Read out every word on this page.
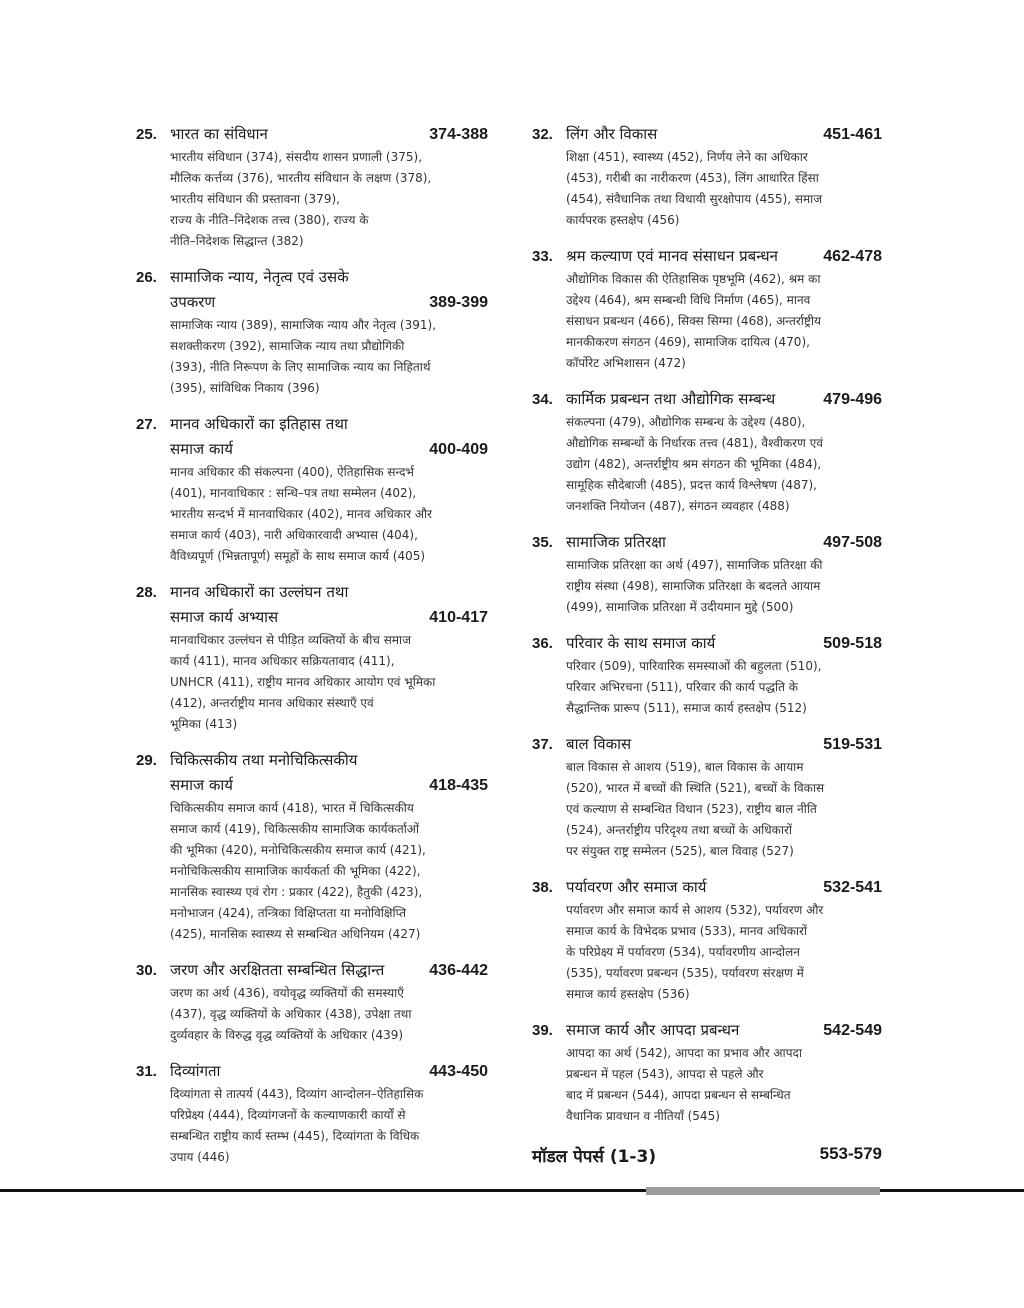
25. भारत का संविधान	374-388
भारतीय संविधान (374), संसदीय शासन प्रणाली (375),
मौलिक कर्त्तव्य (376), भारतीय संविधान के लक्षण (378),
भारतीय संविधान की प्रस्तावना (379),
राज्य के नीति–निदेशक तत्त्व (380), राज्य के
नीति–निदेशक सिद्धान्त (382)
26. सामाजिक न्याय, नेतृत्व एवं उसके
उपकरण	389-399
सामाजिक न्याय (389), सामाजिक न्याय और नेतृत्व (391),
सशक्तीकरण (392), सामाजिक न्याय तथा प्रौद्योगिकी
(393), नीति निरूपण के लिए सामाजिक न्याय का निहितार्थ
(395), सांविधिक निकाय (396)
27. मानव अधिकारों का इतिहास तथा
समाज कार्य	400-409
मानव अधिकार की संकल्पना (400), ऐतिहासिक सन्दर्भ
(401), मानवाधिकार : सन्धि–पत्र तथा सम्मेलन (402),
भारतीय सन्दर्भ में मानवाधिकार (402), मानव अधिकार और
समाज कार्य (403), नारी अधिकारवादी अभ्यास (404),
वैविध्यपूर्ण (भिन्नतापूर्ण) समूहों के साथ समाज कार्य (405)
28. मानव अधिकारों का उल्लंघन तथा
समाज कार्य अभ्यास	410-417
मानवाधिकार उल्लंघन से पीड़ित व्यक्तियों के बीच समाज
कार्य (411), मानव अधिकार सक्रियतावाद (411),
UNHCR (411), राष्ट्रीय मानव अधिकार आयोग एवं भूमिका
(412), अन्तर्राष्ट्रीय मानव अधिकार संस्थाएँ एवं
भूमिका (413)
29. चिकित्सकीय तथा मनोचिकित्सकीय
समाज कार्य	418-435
चिकित्सकीय समाज कार्य (418), भारत में चिकित्सकीय
समाज कार्य (419), चिकित्सकीय सामाजिक कार्यकर्ताओं
की भूमिका (420), मनोचिकित्सकीय समाज कार्य (421),
मनोचिकित्सकीय सामाजिक कार्यकर्ता की भूमिका (422),
मानसिक स्वास्थ्य एवं रोग : प्रकार (422), हैतुकी (423),
मनोभाजन (424), तन्त्रिका विक्षिप्तता या मनोविक्षिप्ति
(425), मानसिक स्वास्थ्य से सम्बन्धित अधिनियम (427)
30. जरण और अरक्षितता सम्बन्धित सिद्धान्त	436-442
जरण का अर्थ (436), वयोवृद्ध व्यक्तियों की समस्याएँ
(437), वृद्ध व्यक्तियों के अधिकार (438), उपेक्षा तथा
दुर्व्यवहार के विरुद्ध वृद्ध व्यक्तियों के अधिकार (439)
31. दिव्यांगता	443-450
दिव्यांगता से तात्पर्य (443), दिव्यांग आन्दोलन–ऐतिहासिक
परिप्रेक्ष्य (444), दिव्यांगजनों के कल्याणकारी कार्यों से
सम्बन्धित राष्ट्रीय कार्य स्तम्भ (445), दिव्यांगता के विधिक
उपाय (446)
32. लिंग और विकास	451-461
शिक्षा (451), स्वास्थ्य (452), निर्णय लेने का अधिकार
(453), गरीबी का नारीकरण (453), लिंग आधारित हिंसा
(454), संवैधानिक तथा विधायी सुरक्षोपाय (455), समाज
कार्यपरक हस्तक्षेप (456)
33. श्रम कल्याण एवं मानव संसाधन प्रबन्धन	462-478
औद्योगिक विकास की ऐतिहासिक पृष्ठभूमि (462), श्रम का
उद्देश्य (464), श्रम सम्बन्धी विधि निर्माण (465), मानव
संसाधन प्रबन्धन (466), सिक्स सिग्मा (468), अन्तर्राष्ट्रीय
मानकीकरण संगठन (469), सामाजिक दायित्व (470),
कॉर्पोरेट अभिशासन (472)
34. कार्मिक प्रबन्धन तथा औद्योगिक सम्बन्ध	479-496
संकल्पना (479), औद्योगिक सम्बन्ध के उद्देश्य (480),
औद्योगिक सम्बन्धों के निर्धारक तत्त्व (481), वैश्वीकरण एवं
उद्योग (482), अन्तर्राष्ट्रीय श्रम संगठन की भूमिका (484),
सामूहिक सौदेबाजी (485), प्रदत्त कार्य विश्लेषण (487),
जनशक्ति नियोजन (487), संगठन व्यवहार (488)
35. सामाजिक प्रतिरक्षा	497-508
सामाजिक प्रतिरक्षा का अर्थ (497), सामाजिक प्रतिरक्षा की
राष्ट्रीय संस्था (498), सामाजिक प्रतिरक्षा के बदलते आयाम
(499), सामाजिक प्रतिरक्षा में उदीयमान मुद्दे (500)
36. परिवार के साथ समाज कार्य	509-518
परिवार (509), पारिवारिक समस्याओं की बहुलता (510),
परिवार अभिरचना (511), परिवार की कार्य पद्धति के
सैद्धान्तिक प्रारूप (511), समाज कार्य हस्तक्षेप (512)
37. बाल विकास	519-531
बाल विकास से आशय (519), बाल विकास के आयाम
(520), भारत में बच्चों की स्थिति (521), बच्चों के विकास
एवं कल्याण से सम्बन्धित विधान (523), राष्ट्रीय बाल नीति
(524), अन्तर्राष्ट्रीय परिदृश्य तथा बच्चों के अधिकारों
पर संयुक्त राष्ट्र सम्मेलन (525), बाल विवाह (527)
38. पर्यावरण और समाज कार्य	532-541
पर्यावरण और समाज कार्य से आशय (532), पर्यावरण और
समाज कार्य के विभेदक प्रभाव (533), मानव अधिकारों
के परिप्रेक्ष्य में पर्यावरण (534), पर्यावरणीय आन्दोलन
(535), पर्यावरण प्रबन्धन (535), पर्यावरण संरक्षण में
समाज कार्य हस्तक्षेप (536)
39. समाज कार्य और आपदा प्रबन्धन	542-549
आपदा का अर्थ (542), आपदा का प्रभाव और आपदा
प्रबन्धन में पहल (543), आपदा से पहले और
बाद में प्रबन्धन (544), आपदा प्रबन्धन से सम्बन्धित
वैधानिक प्रावधान व नीतियाँ (545)
मॉडल पेपर्स (1-3)	553-579
